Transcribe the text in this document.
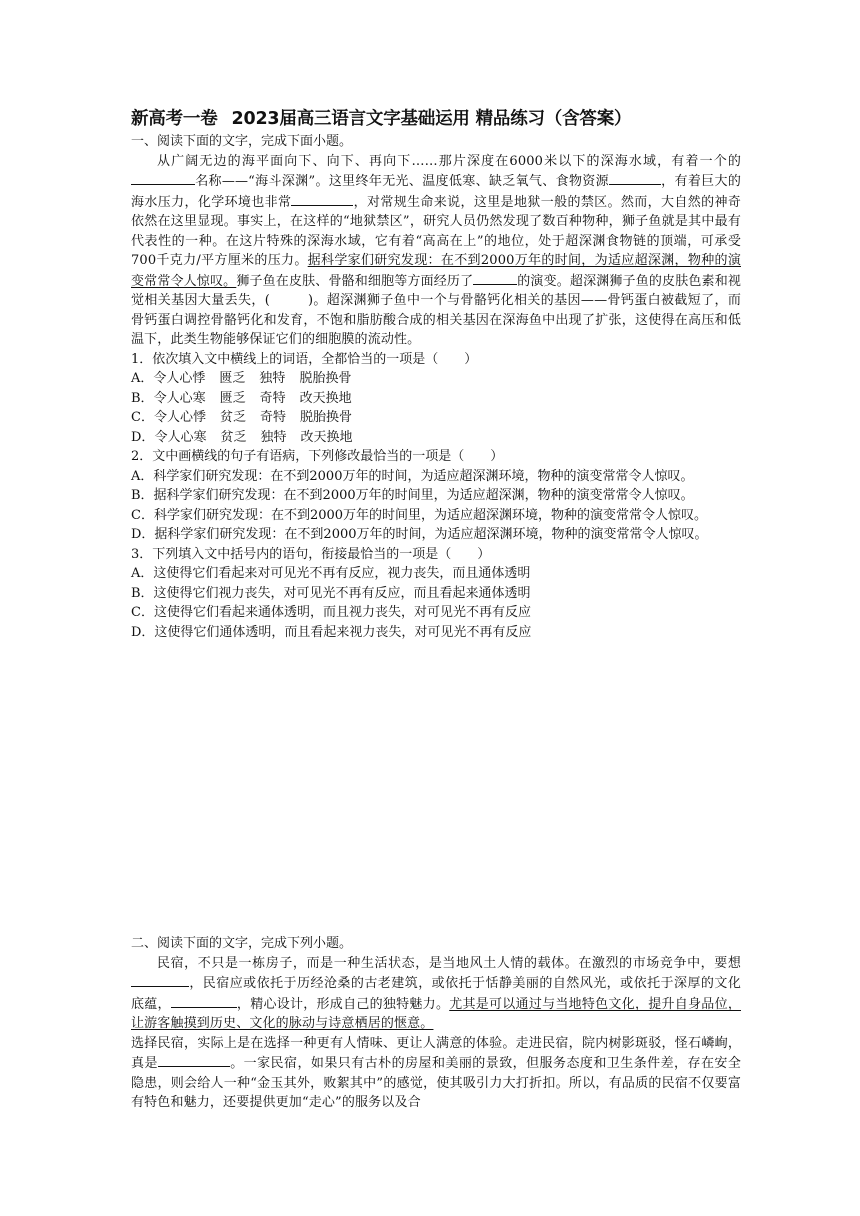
新高考一卷 2023届高三语言文字基础运用 精品练习（含答案）

一、阅读下面的文字，完成下面小题。

从广阔无边的海平面向下、向下、再向下……那片深度在6000米以下的深海水域，有着一个的名称——“海斗深渊”。这里终年无光、温度低寒、缺乏氧气、食物资源	，有着巨大的海水压力，化学环境也非常	，对常规生命来说，这里是地狱一般的禁区。然而，大自然的神奇依然在这里显现。事实上，在这样的“地狱禁区”，研究人员仍然发现了数百种物种，狮子鱼就是其中最有代表性的一种。在这片特殊的深海水域，它有着“高高在上”的地位，处于超深渊食物链的顶端，可承受700千克力/平方厘米的压力。据科学家们研究发现：在不到2000万年的时间，为适应超深渊，物种的演变常常令人惊叹。狮子鱼在皮肤、骨骼和细胞等方面经历了	的演变。超深渊狮子鱼的皮肤色素和视觉相关基因大量丢失，(	)。超深渊狮子鱼中一个与骨骼钙化相关的基因——骨钙蛋白被截短了，而骨钙蛋白调控骨骼钙化和发育，不饱和脂肪酸合成的相关基因在深海鱼中出现了扩张，这使得在高压和低温下，此类生物能够保证它们的细胞膜的流动性。

1．依次填入文中横线上的词语，全都恰当的一项是（　　）

A．令人心悸 匮乏 独特 脱胎换骨

B．令人心寒 匮乏 奇特 改天换地

C．令人心悸 贫乏 奇特 脱胎换骨

D．令人心寒 贫乏 独特 改天换地

2．文中画横线的句子有语病，下列修改最恰当的一项是（　　）

A．科学家们研究发现：在不到2000万年的时间，为适应超深渊环境，物种的演变常常令人惊叹。

B．据科学家们研究发现：在不到2000万年的时间里，为适应超深渊，物种的演变常常令人惊叹。

C．科学家们研究发现：在不到2000万年的时间里，为适应超深渊环境，物种的演变常常令人惊叹。

D．据科学家们研究发现：在不到2000万年的时间，为适应超深渊环境，物种的演变常常令人惊叹。

3．下列填入文中括号内的语句，衔接最恰当的一项是（　　）

A．这使得它们看起来对可见光不再有反应，视力丧失，而且通体透明

B．这使得它们视力丧失，对可见光不再有反应，而且看起来通体透明

C．这使得它们看起来通体透明，而且视力丧失，对可见光不再有反应

D．这使得它们通体透明，而且看起来视力丧失，对可见光不再有反应

二、阅读下面的文字，完成下列小题。

民宿，不只是一栋房子，而是一种生活状态，是当地风土人情的载体。在激烈的市场竞争中，要想，民宿应或依托于历经沧桑的古老建筑，或依托于恬静美丽的自然风光，或依托于深厚的文化底蕴，	，精心设计，形成自己的独特魅力。尤其是可以通过与当地特色文化，提升自身品位，让游客触摸到历史、文化的脉动与诗意栖居的惬意。

选择民宿，实际上是在选择一种更有人情味、更让人满意的体验。走进民宿，院内树影斑驳，怪石嶙峋，真是	。一家民宿，如果只有古朴的房屋和美丽的景致，但服务态度和卫生条件差，存在安全隐患，则会给人一种“金玉其外，败絮其中”的感觉，使其吸引力大打折扣。所以，有品质的民宿不仅要富有特色和魅力，还要提供更加“走心”的服务以及合
